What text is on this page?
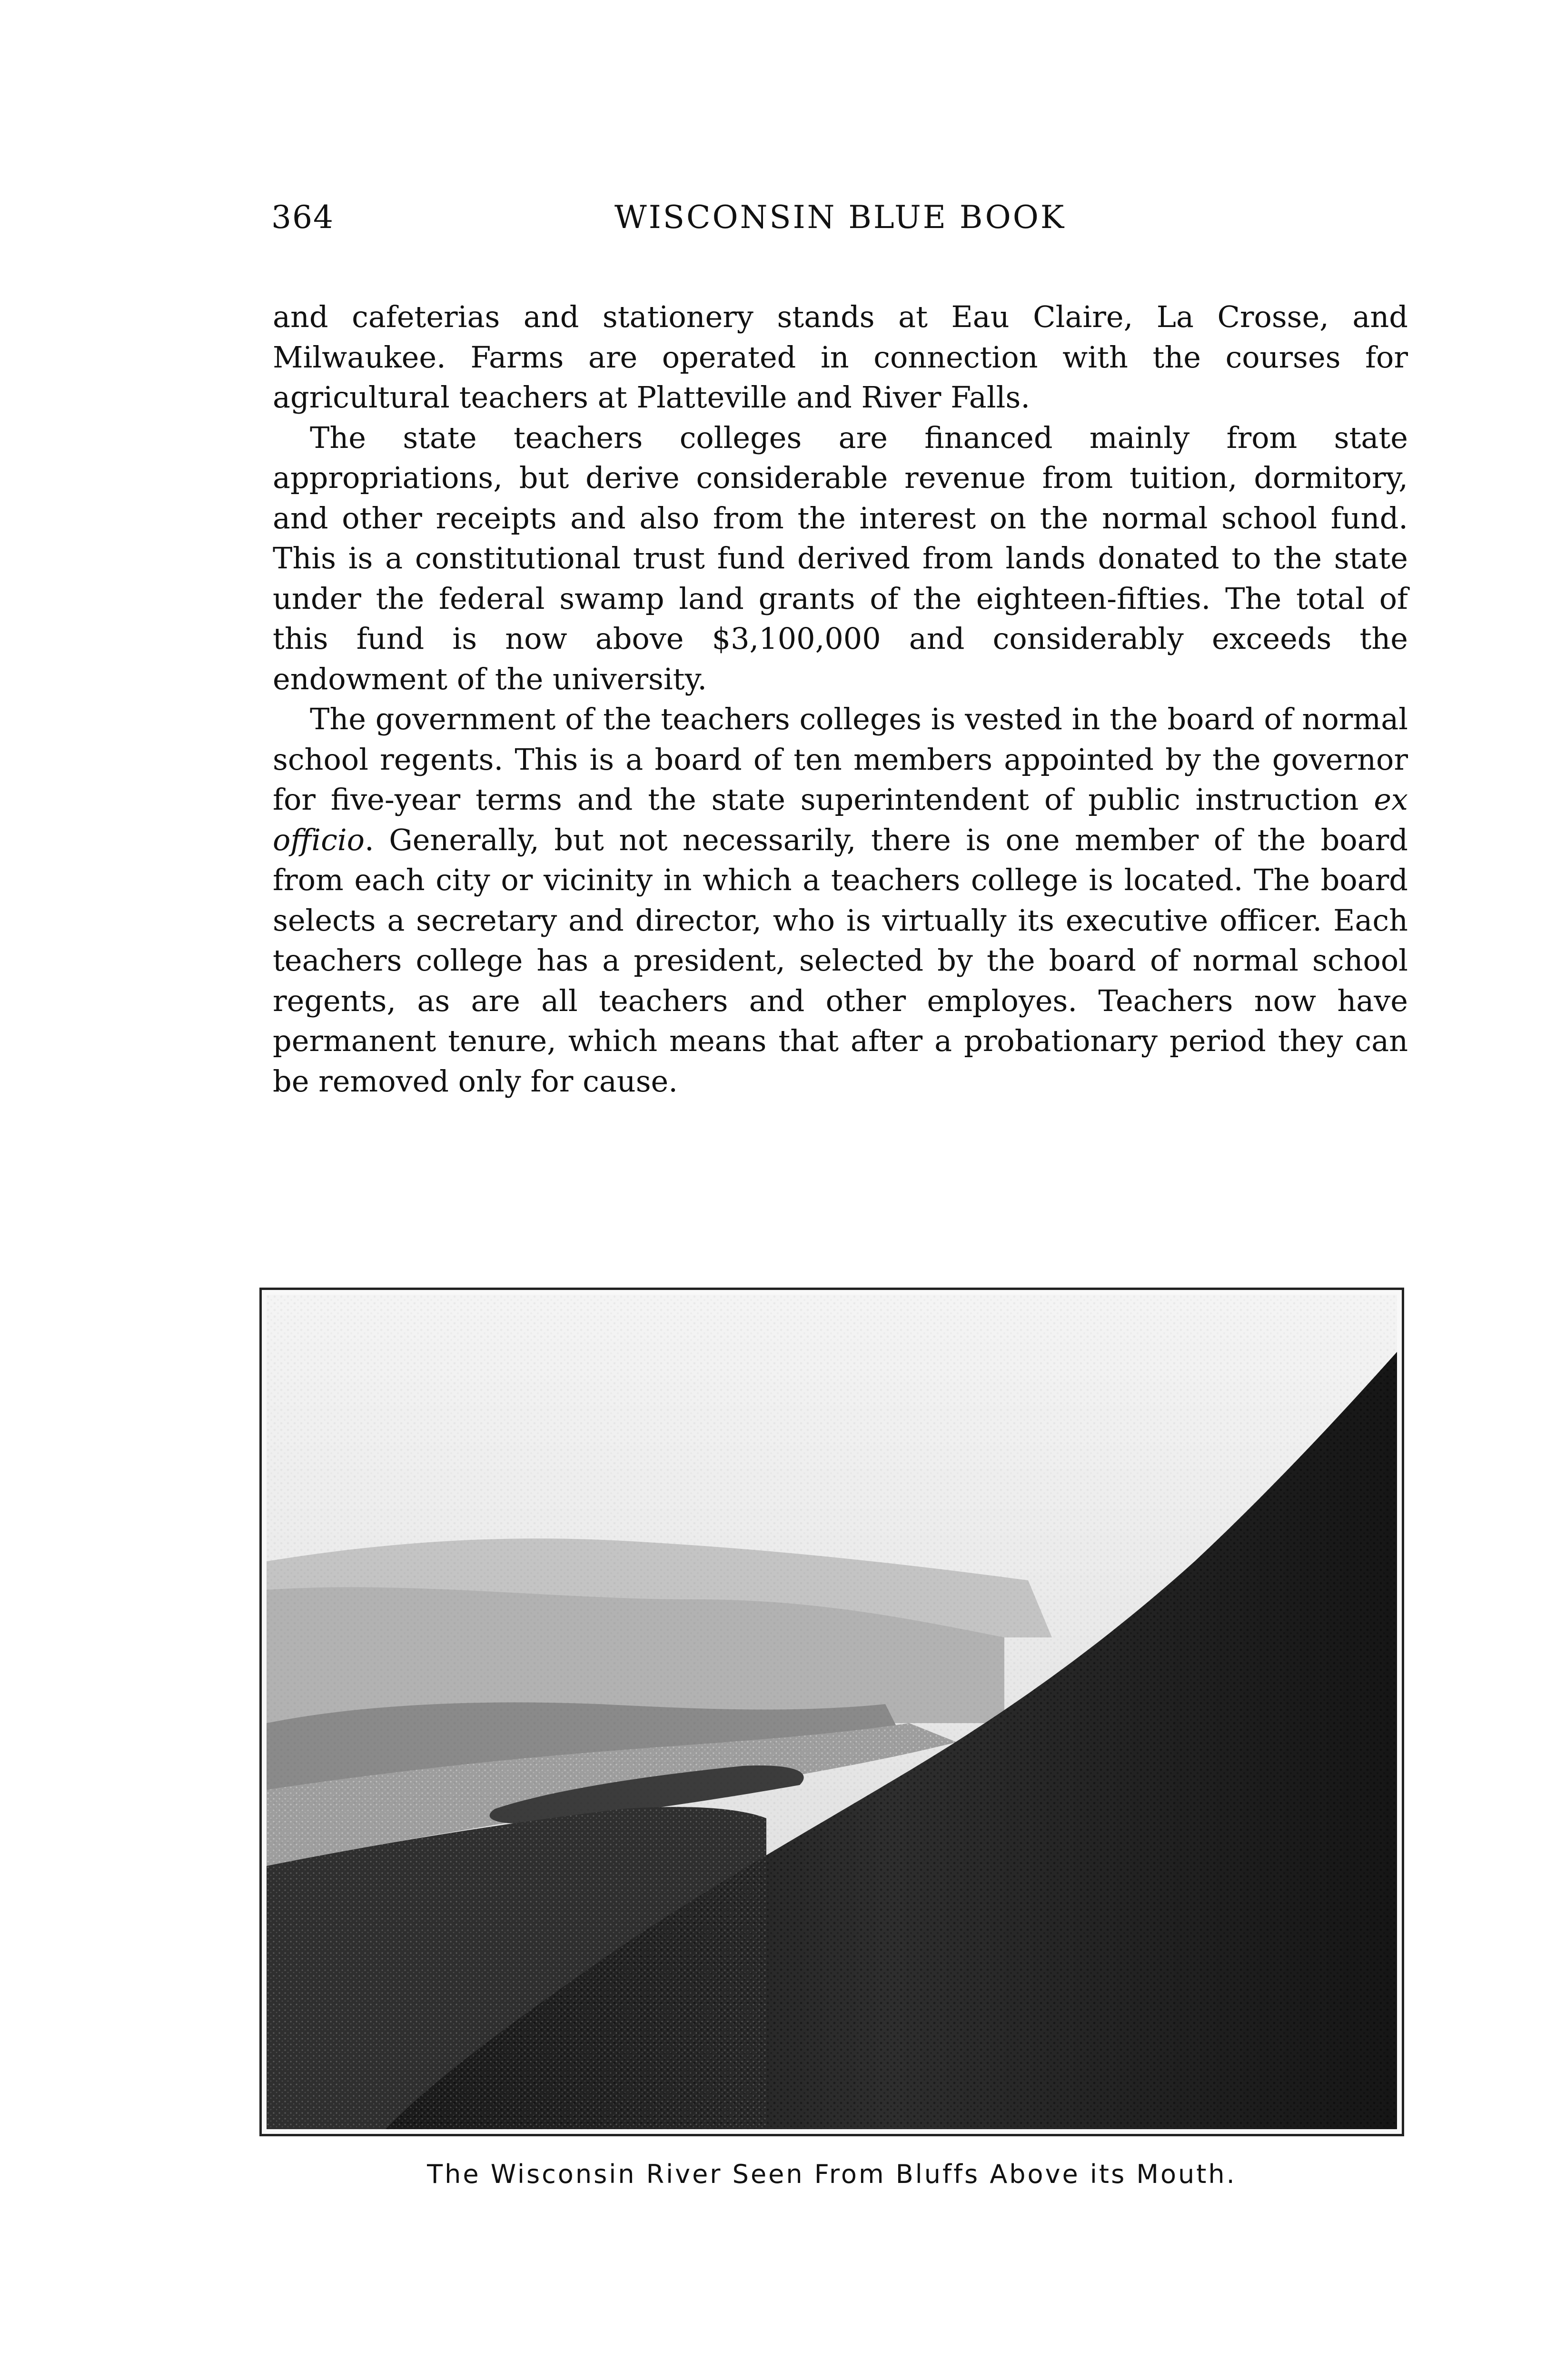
364	WISCONSIN BLUE BOOK

and cafeterias and stationery stands at Eau Claire, La Crosse, and Milwaukee. Farms are operated in connection with the courses for agricultural teachers at Platteville and River Falls.

The state teachers colleges are financed mainly from state appropriations, but derive considerable revenue from tuition, dormitory, and other receipts and also from the interest on the normal school fund. This is a constitutional trust fund derived from lands donated to the state under the federal swamp land grants of the eighteen-fifties. The total of this fund is now above $3,100,000 and considerably exceeds the endowment of the university.

The government of the teachers colleges is vested in the board of normal school regents. This is a board of ten members appointed by the governor for five-year terms and the state superintendent of public instruction ex officio. Generally, but not necessarily, there is one member of the board from each city or vicinity in which a teachers college is located. The board selects a secretary and director, who is virtually its executive officer. Each teachers college has a president, selected by the board of normal school regents, as are all teachers and other employes. Teachers now have permanent tenure, which means that after a probationary period they can be removed only for cause.

The Wisconsin River Seen From Bluffs Above its Mouth.
